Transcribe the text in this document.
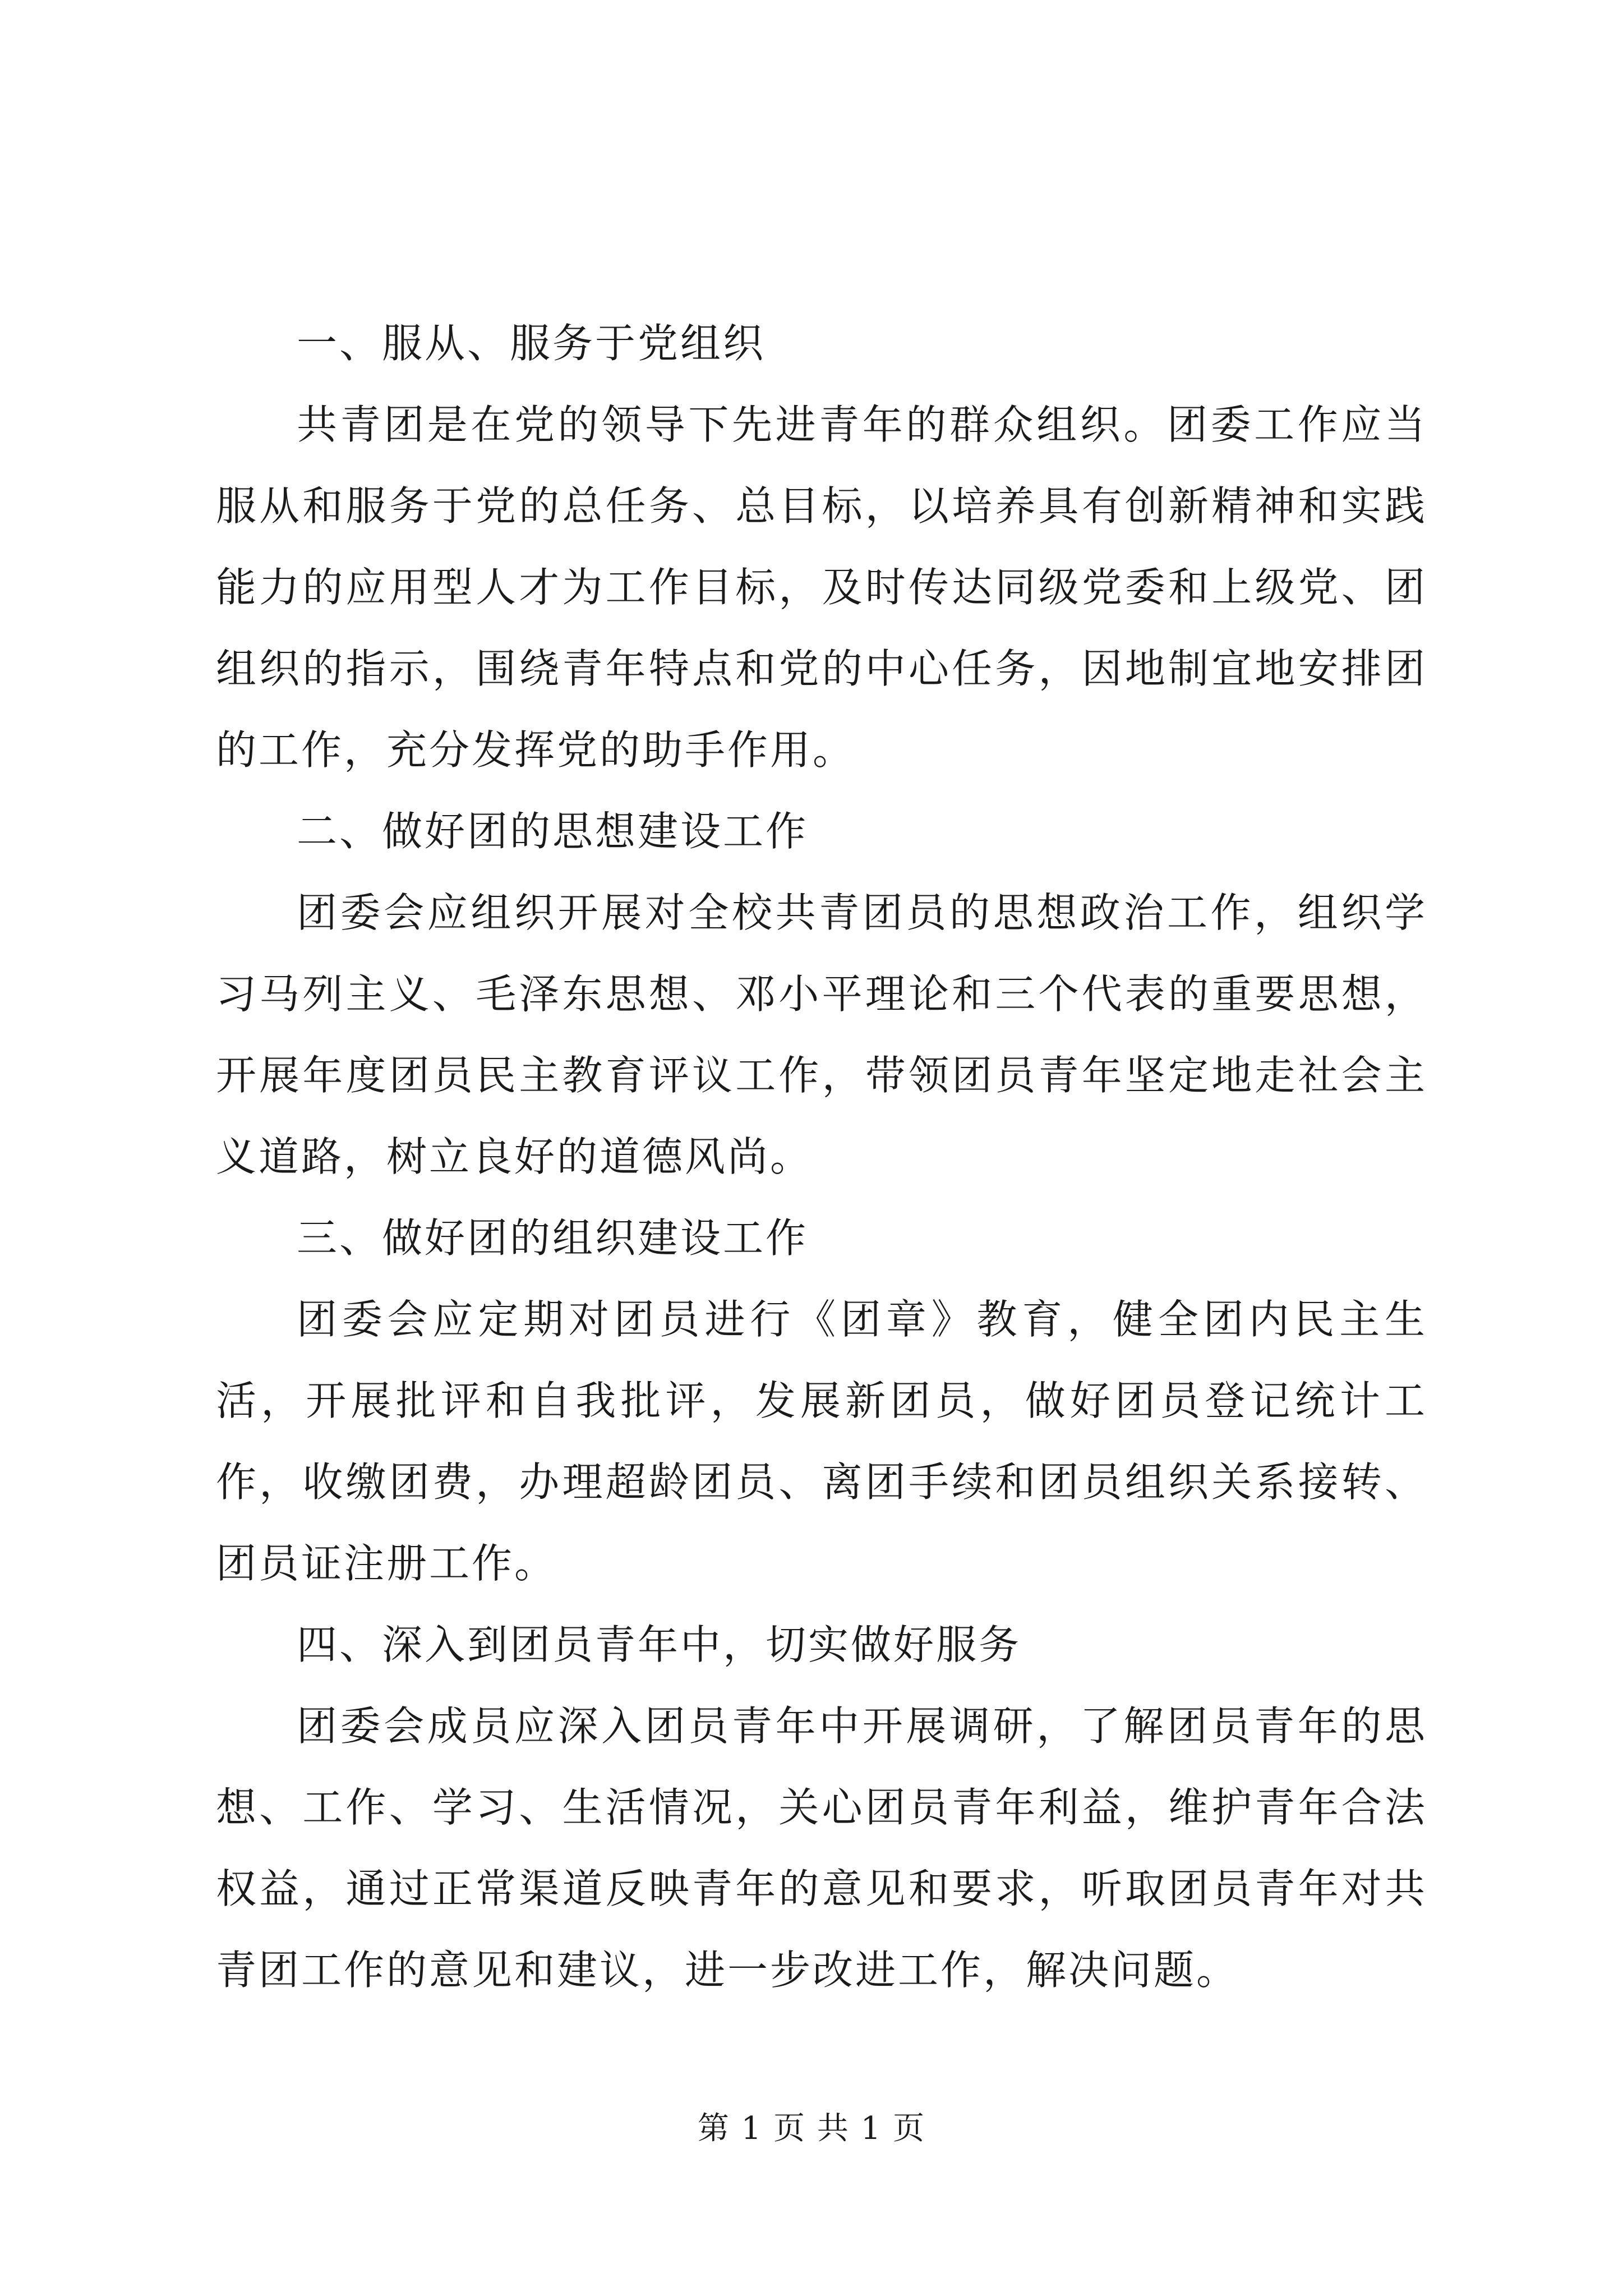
一、服从、服务于党组织

共青团是在党的领导下先进青年的群众组织。团委工作应当服从和服务于党的总任务、总目标，以培养具有创新精神和实践能力的应用型人才为工作目标，及时传达同级党委和上级党、团组织的指示，围绕青年特点和党的中心任务，因地制宜地安排团的工作，充分发挥党的助手作用。

二、做好团的思想建设工作

团委会应组织开展对全校共青团员的思想政治工作，组织学习马列主义、毛泽东思想、邓小平理论和三个代表的重要思想，开展年度团员民主教育评议工作，带领团员青年坚定地走社会主义道路，树立良好的道德风尚。

三、做好团的组织建设工作

团委会应定期对团员进行《团章》教育，健全团内民主生活，开展批评和自我批评，发展新团员，做好团员登记统计工作，收缴团费，办理超龄团员、离团手续和团员组织关系接转、团员证注册工作。

四、深入到团员青年中，切实做好服务

团委会成员应深入团员青年中开展调研，了解团员青年的思想、工作、学习、生活情况，关心团员青年利益，维护青年合法权益，通过正常渠道反映青年的意见和要求，听取团员青年对共青团工作的意见和建议，进一步改进工作，解决问题。

第 1 页 共 1 页
